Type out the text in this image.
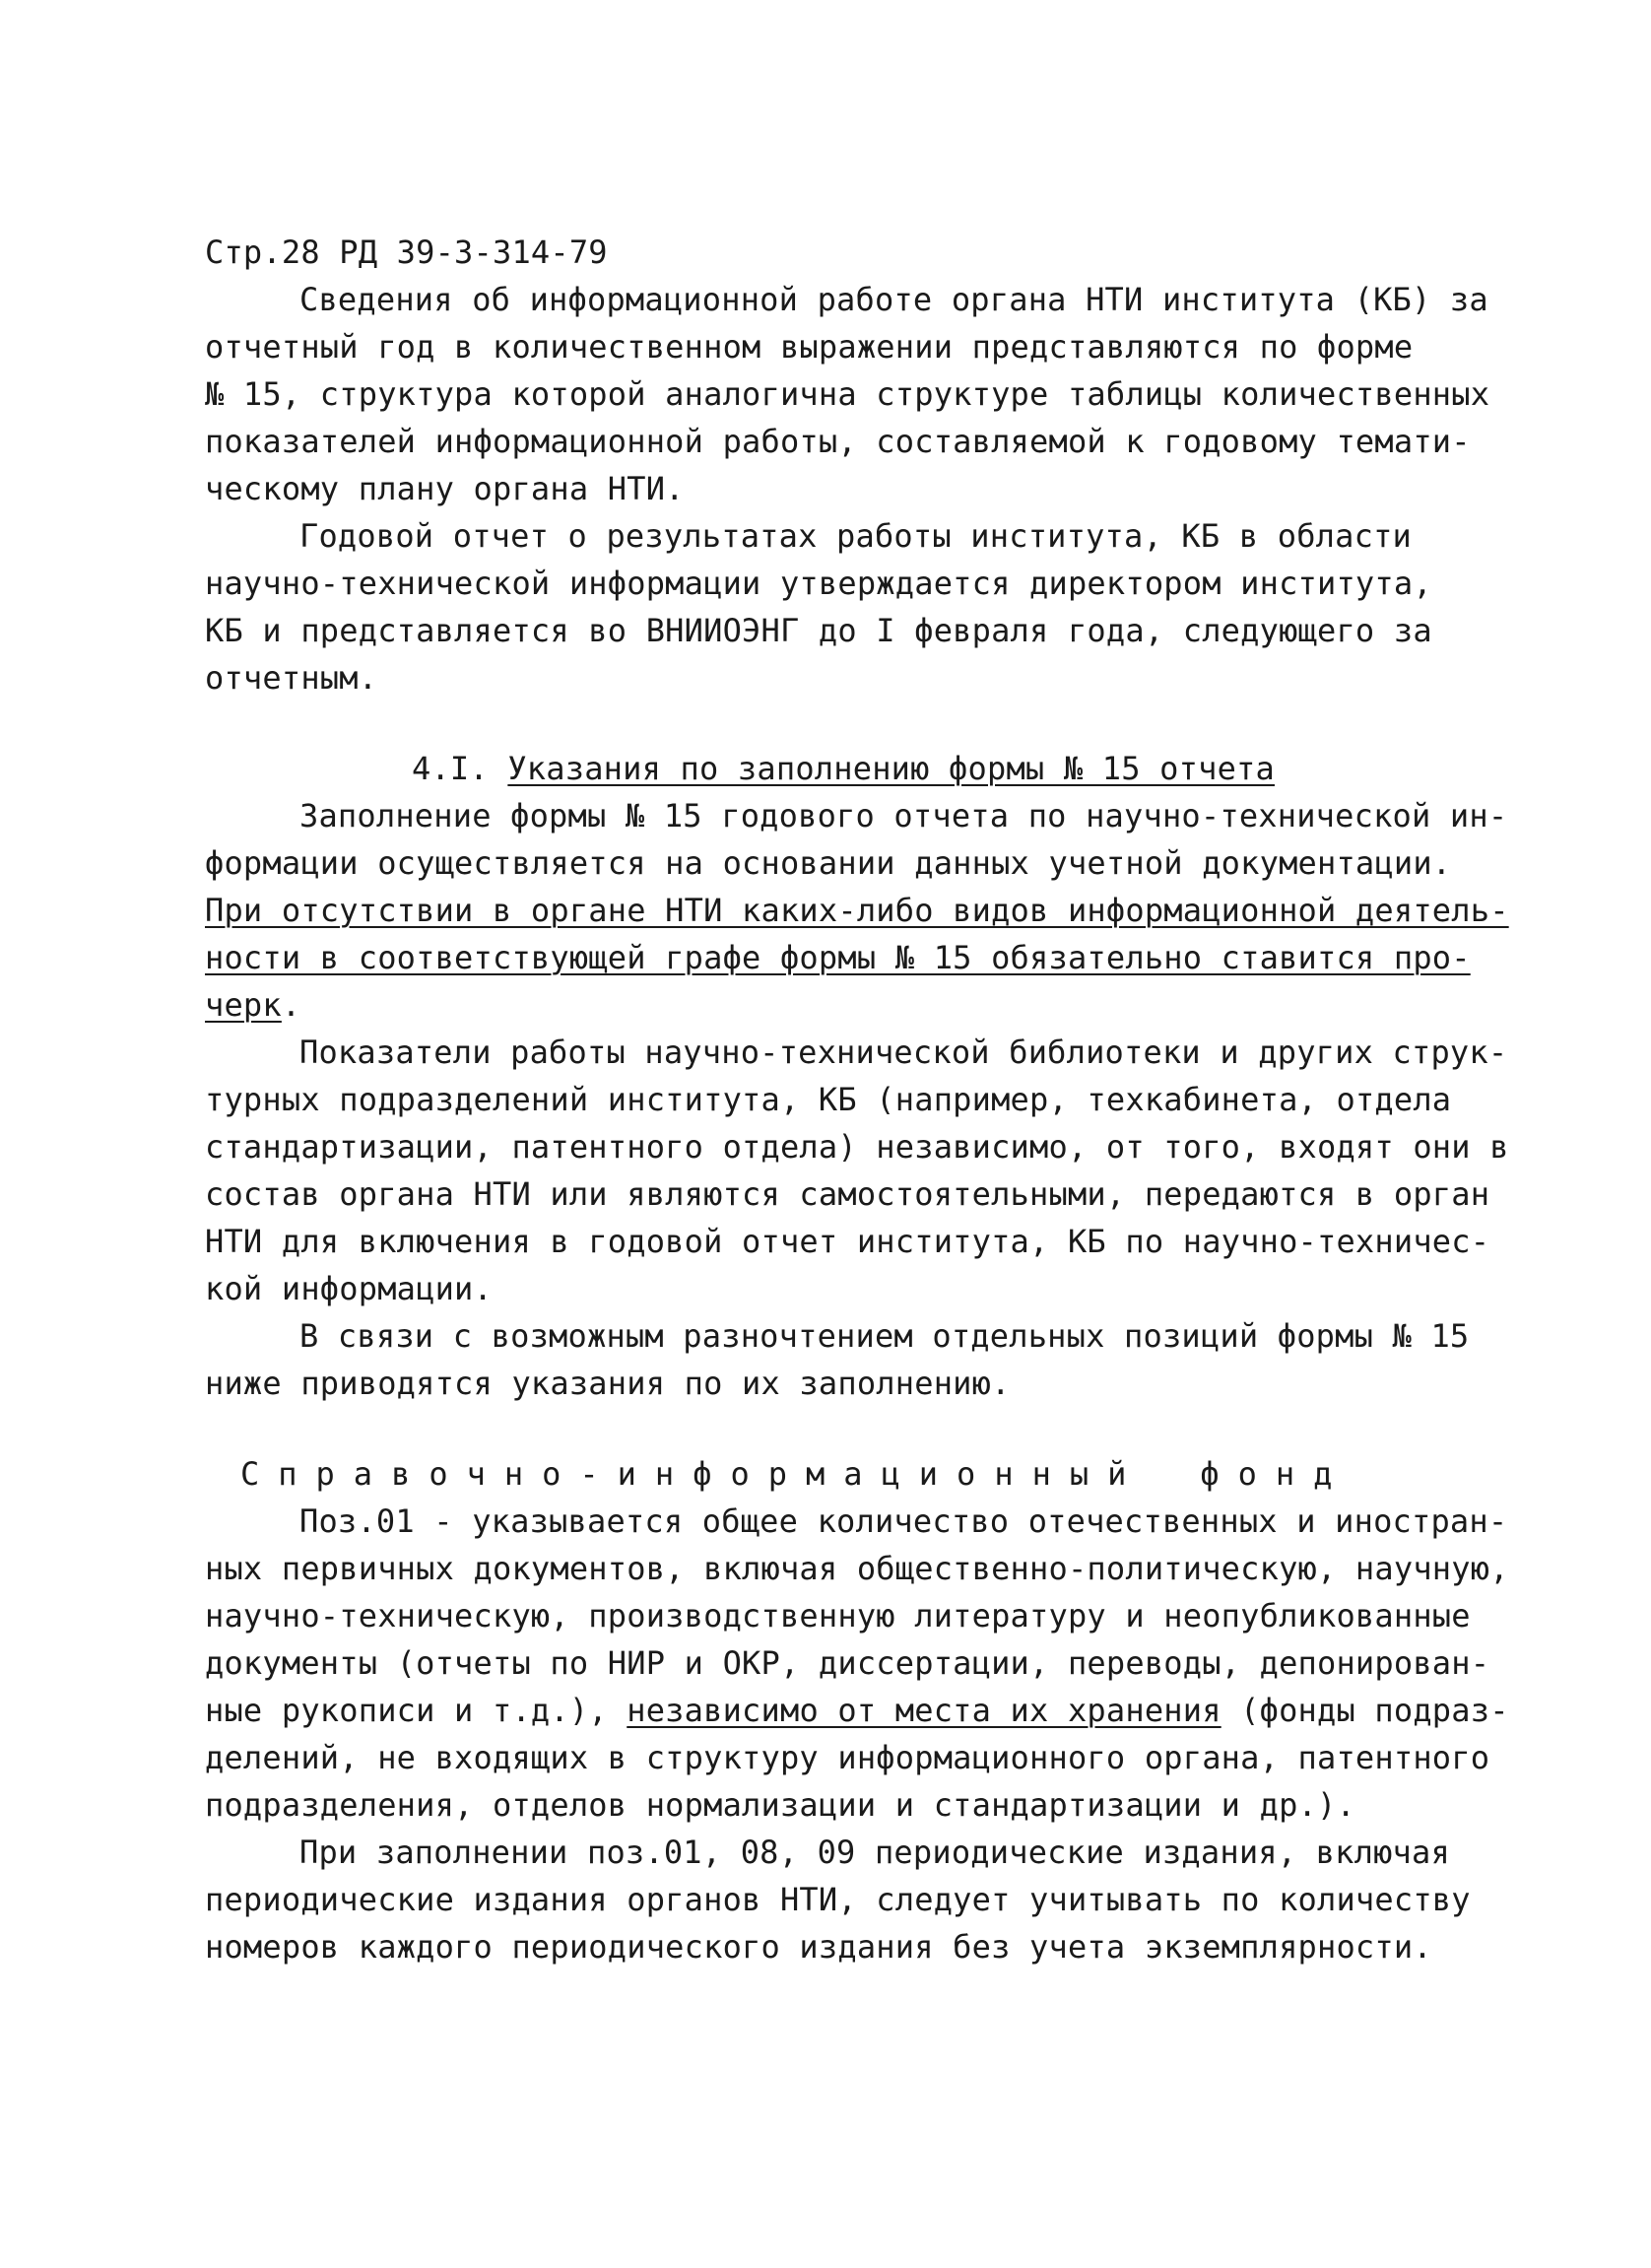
Стр.28 РД 39-3-314-79
Сведения об информационной работе органа НТИ института (КБ) за
отчетный год в количественном выражении представляются по форме
№ 15, структура которой аналогична структуре таблицы количественных
показателей информационной работы, составляемой к годовому темати-
ческому плану органа НТИ.
Годовой отчет о результатах работы института, КБ в области
научно-технической информации утверждается директором института,
КБ и представляется во ВНИИОЭНГ до I февраля года, следующего за
отчетным.
4.I. Указания по заполнению формы № 15 отчета
Заполнение формы № 15 годового отчета по научно-технической ин-
формации осуществляется на основании данных учетной документации.
При отсутствии в органе НТИ каких-либо видов информационной деятель-
ности в соответствующей графе формы № 15 обязательно ставится про-
черк.
Показатели работы научно-технической библиотеки и других струк-
турных подразделений института, КБ (например, техкабинета, отдела
стандартизации, патентного отдела) независимо, от того, входят они в
состав органа НТИ или являются самостоятельными, передаются в орган
НТИ для включения в годовой отчет института, КБ по научно-техничес-
кой информации.
В связи с возможным разночтением отдельных позиций формы № 15
ниже приводятся указания по их заполнению.
Справочно-информационный фонд
Поз.01 - указывается общее количество отечественных и иностран-
ных первичных документов, включая общественно-политическую, научную,
научно-техническую, производственную литературу и неопубликованные
документы (отчеты по НИР и ОКР, диссертации, переводы, депонирован-
ные рукописи и т.д.), независимо от места их хранения (фонды подраз-
делений, не входящих в структуру информационного органа, патентного
подразделения, отделов нормализации и стандартизации и др.).
При заполнении поз.01, 08, 09 периодические издания, включая
периодические издания органов НТИ, следует учитывать по количеству
номеров каждого периодического издания без учета экземплярности.
